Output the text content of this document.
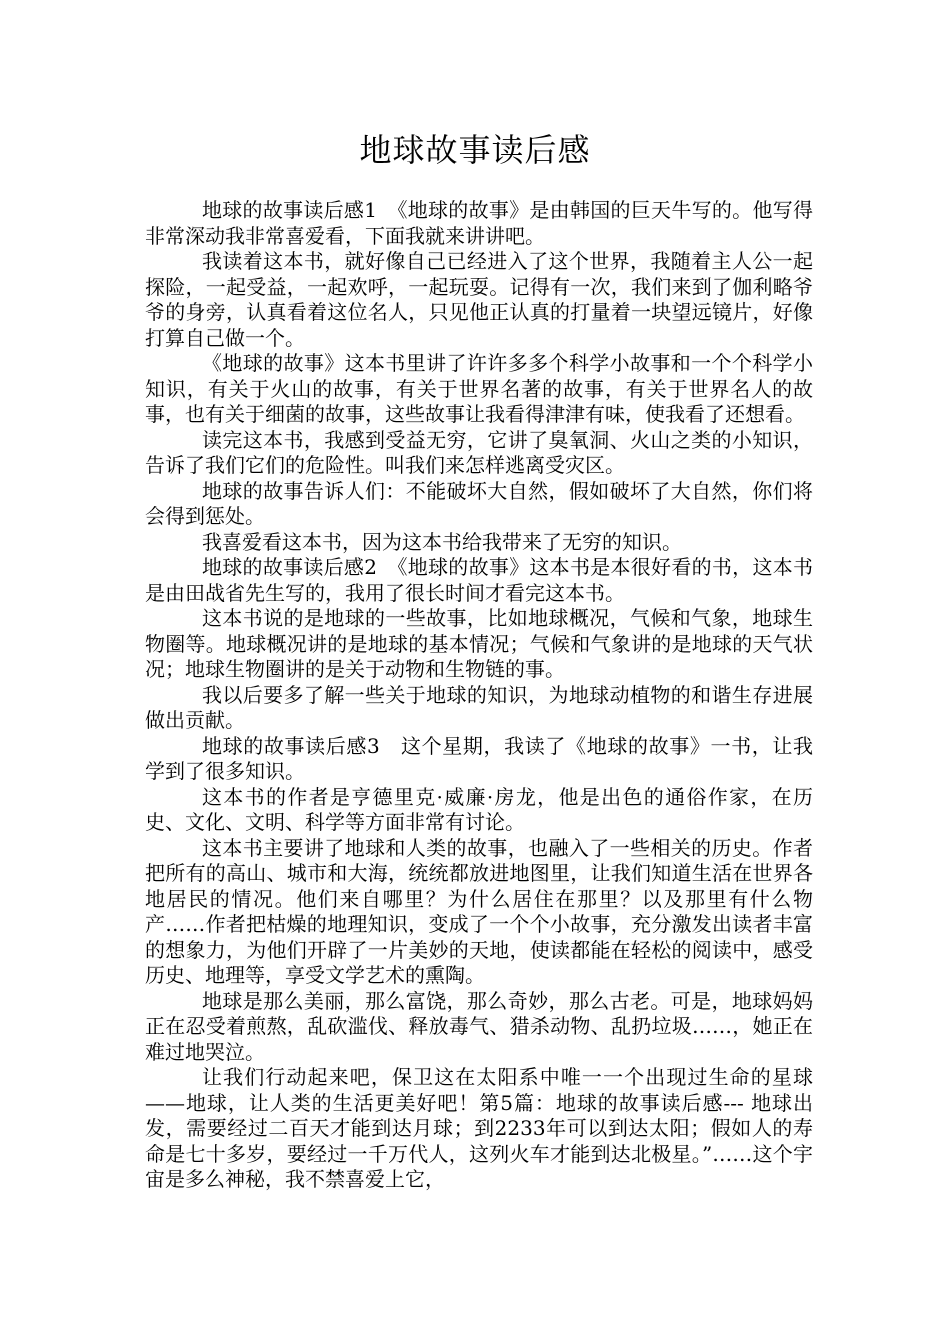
地球故事读后感

地球的故事读后感1　《地球的故事》是由韩国的巨天牛写的。他写得非常深动我非常喜爱看，下面我就来讲讲吧。

我读着这本书，就好像自己已经进入了这个世界，我随着主人公一起探险，一起受益，一起欢呼，一起玩耍。记得有一次，我们来到了伽利略爷爷的身旁，认真看着这位名人，只见他正认真的打量着一块望远镜片，好像打算自己做一个。

《地球的故事》这本书里讲了许许多多个科学小故事和一个个科学小知识，有关于火山的故事，有关于世界名著的故事，有关于世界名人的故事，也有关于细菌的故事，这些故事让我看得津津有味，使我看了还想看。

读完这本书，我感到受益无穷，它讲了臭氧洞、火山之类的小知识，告诉了我们它们的危险性。叫我们来怎样逃离受灾区。

地球的故事告诉人们：不能破坏大自然，假如破坏了大自然，你们将会得到惩处。

我喜爱看这本书，因为这本书给我带来了无穷的知识。

地球的故事读后感2　《地球的故事》这本书是本很好看的书，这本书是由田战省先生写的，我用了很长时间才看完这本书。

这本书说的是地球的一些故事，比如地球概况，气候和气象，地球生物圈等。地球概况讲的是地球的基本情况；气候和气象讲的是地球的天气状况；地球生物圈讲的是关于动物和生物链的事。

我以后要多了解一些关于地球的知识，为地球动植物的和谐生存进展做出贡献。

地球的故事读后感3　这个星期，我读了《地球的故事》一书，让我学到了很多知识。

这本书的作者是亨德里克·威廉·房龙，他是出色的通俗作家，在历史、文化、文明、科学等方面非常有讨论。

这本书主要讲了地球和人类的故事，也融入了一些相关的历史。作者把所有的高山、城市和大海，统统都放进地图里，让我们知道生活在世界各地居民的情况。他们来自哪里？为什么居住在那里？以及那里有什么物产……作者把枯燥的地理知识，变成了一个个小故事，充分激发出读者丰富的想象力，为他们开辟了一片美妙的天地，使读都能在轻松的阅读中，感受历史、地理等，享受文学艺术的熏陶。

地球是那么美丽，那么富饶，那么奇妙，那么古老。可是，地球妈妈正在忍受着煎熬，乱砍滥伐、释放毒气、猎杀动物、乱扔垃圾……，她正在难过地哭泣。

让我们行动起来吧，保卫这在太阳系中唯一一个出现过生命的星球——地球，让人类的生活更美好吧！第5篇：地球的故事读后感--- 地球出发，需要经过二百天才能到达月球；到2233年可以到达太阳；假如人的寿命是七十多岁，要经过一千万代人，这列火车才能到达北极星。”……这个宇宙是多么神秘，我不禁喜爱上它，
